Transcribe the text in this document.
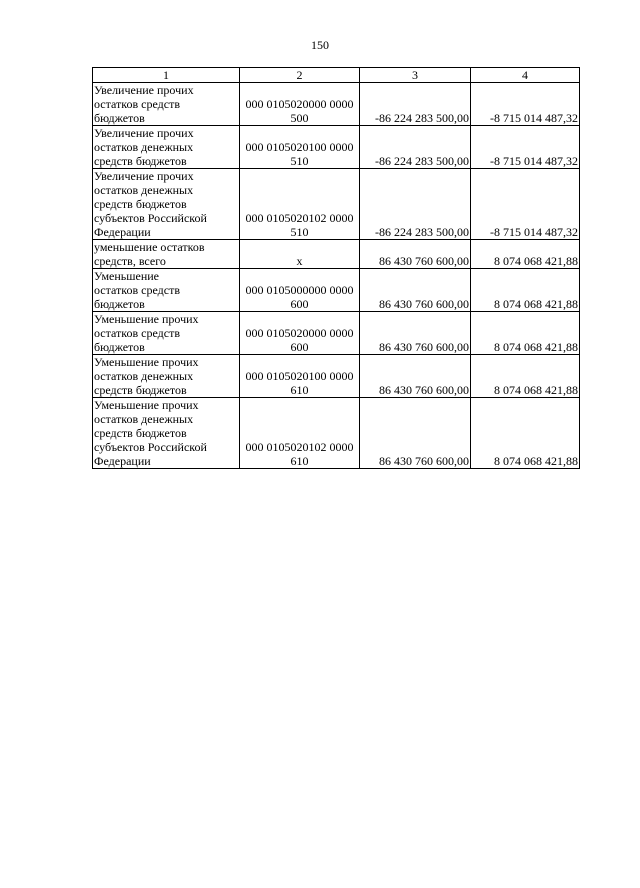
150
1	2	3	4
Увеличение прочих
остатков средств
бюджетов	000 0105020000 0000
500	-86 224 283 500,00	-8 715 014 487,32
Увеличение прочих
остатков денежных
средств бюджетов	000 0105020100 0000
510	-86 224 283 500,00	-8 715 014 487,32
Увеличение прочих
остатков денежных
средств бюджетов
субъектов Российской
Федерации	000 0105020102 0000
510	-86 224 283 500,00	-8 715 014 487,32
уменьшение остатков
средств, всего	х	86 430 760 600,00	8 074 068 421,88
Уменьшение
остатков средств
бюджетов	000 0105000000 0000
600	86 430 760 600,00	8 074 068 421,88
Уменьшение прочих
остатков средств
бюджетов	000 0105020000 0000
600	86 430 760 600,00	8 074 068 421,88
Уменьшение прочих
остатков денежных
средств бюджетов	000 0105020100 0000
610	86 430 760 600,00	8 074 068 421,88
Уменьшение прочих
остатков денежных
средств бюджетов
субъектов Российской
Федерации	000 0105020102 0000
610	86 430 760 600,00	8 074 068 421,88
